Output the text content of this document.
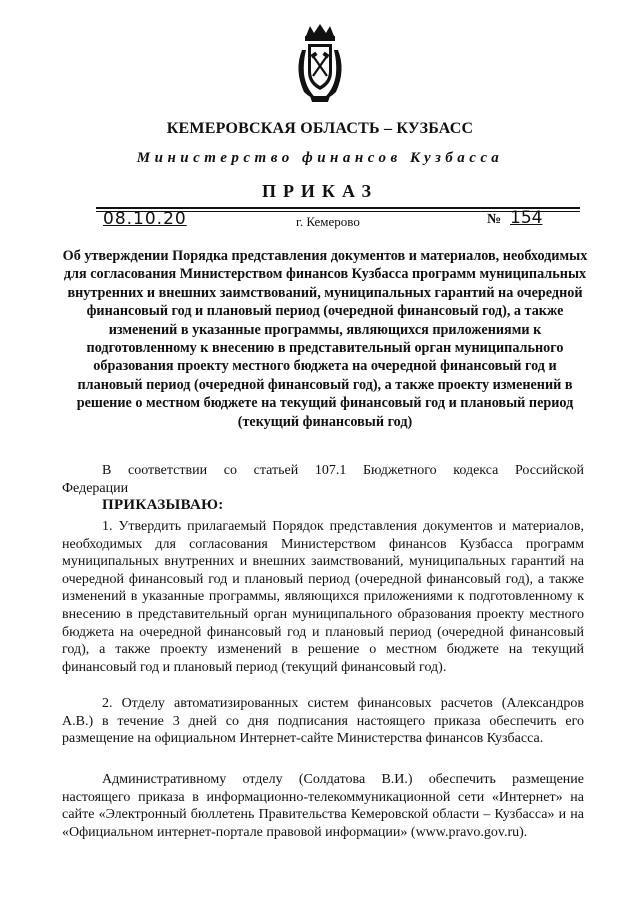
КЕМЕРОВСКАЯ ОБЛАСТЬ – КУЗБАСС
Министерство финансов Кузбасса
ПРИКАЗ
08.10.20	г. Кемерово	№ 154
Об утверждении Порядка представления документов и материалов, необходимых для согласования Министерством финансов Кузбасса программ муниципальных внутренних и внешних заимствований, муниципальных гарантий на очередной финансовый год и плановый период (очередной финансовый год), а также изменений в указанные программы, являющихся приложениями к подготовленному к внесению в представительный орган муниципального образования проекту местного бюджета на очередной финансовый год и плановый период (очередной финансовый год), а также проекту изменений в решение о местном бюджете на текущий финансовый год и плановый период (текущий финансовый год)
В соответствии со статьей 107.1 Бюджетного кодекса Российской
Федерации
ПРИКАЗЫВАЮ:
1. Утвердить прилагаемый Порядок представления документов и материалов, необходимых для согласования Министерством финансов Кузбасса программ муниципальных внутренних и внешних заимствований, муниципальных гарантий на очередной финансовый год и плановый период (очередной финансовый год), а также изменений в указанные программы, являющихся приложениями к подготовленному к внесению в представительный орган муниципального образования проекту местного бюджета на очередной финансовый год и плановый период (очередной финансовый год), а также проекту изменений в решение о местном бюджете на текущий финансовый год и плановый период (текущий финансовый год).
2. Отделу автоматизированных систем финансовых расчетов (Александров А.В.) в течение 3 дней со дня подписания настоящего приказа обеспечить его размещение на официальном Интернет-сайте Министерства финансов Кузбасса.
Административному отделу (Солдатова В.И.) обеспечить размещение настоящего приказа в информационно-телекоммуникационной сети «Интернет» на сайте «Электронный бюллетень Правительства Кемеровской области – Кузбасса» и на «Официальном интернет-портале правовой информации» (www.pravo.gov.ru).
